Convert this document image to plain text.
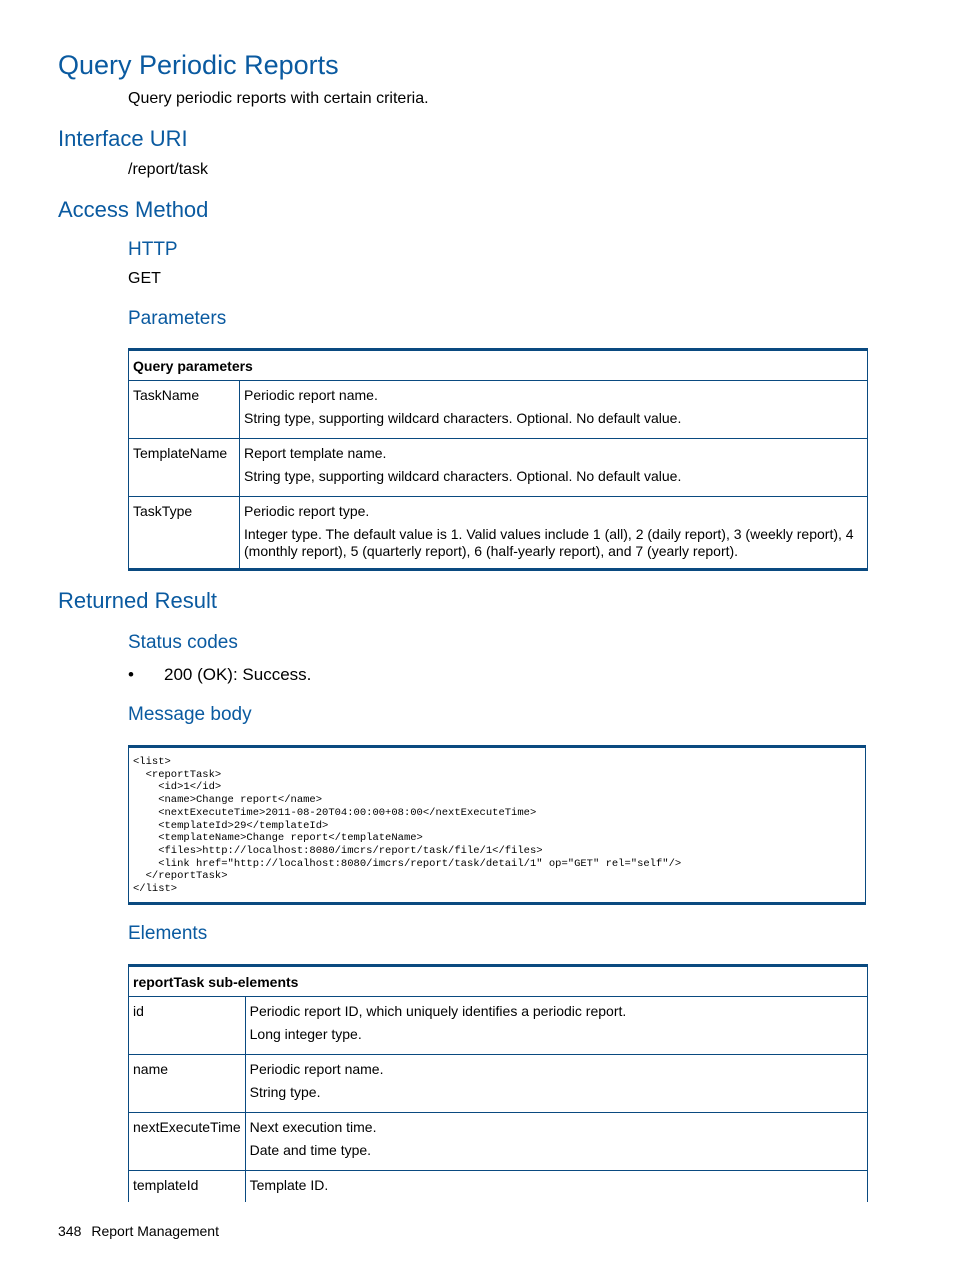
Query Periodic Reports

Query periodic reports with certain criteria.

Interface URI

/report/task

Access Method
HTTP

GET

Parameters
Query parameters	
TaskName	Periodic report name.

String type, supporting wildcard characters. Optional. No default value.

TemplateName	Report template name.

String type, supporting wildcard characters. Optional. No default value.

TaskType	Periodic report type.

Integer type. The default value is 1. Valid values include 1 (all), 2 (daily report), 3 (weekly report), 4 (monthly report), 5 (quarterly report), 6 (half-yearly report), and 7 (yearly report).

Returned Result
Status codes
• 200 (OK): Success.
Message body
<list>
<reportTask>
<id>1</id>
<name>Change report</name>
<nextExecuteTime>2011-08-20T04:00:00+08:00</nextExecuteTime>
<templateId>29</templateId>
<templateName>Change report</templateName>
<files>http://localhost:8080/imcrs/report/task/file/1</files>
<link href="http://localhost:8080/imcrs/report/task/detail/1" op="GET" rel="self"/>
</reportTask>
</list>
Elements
reportTask sub-elements	
id	Periodic report ID, which uniquely identifies a periodic report.

Long integer type.

name	Periodic report name.

String type.

nextExecuteTime	Next execution time.

Date and time type.

templateId	Template ID.

348 Report Management
